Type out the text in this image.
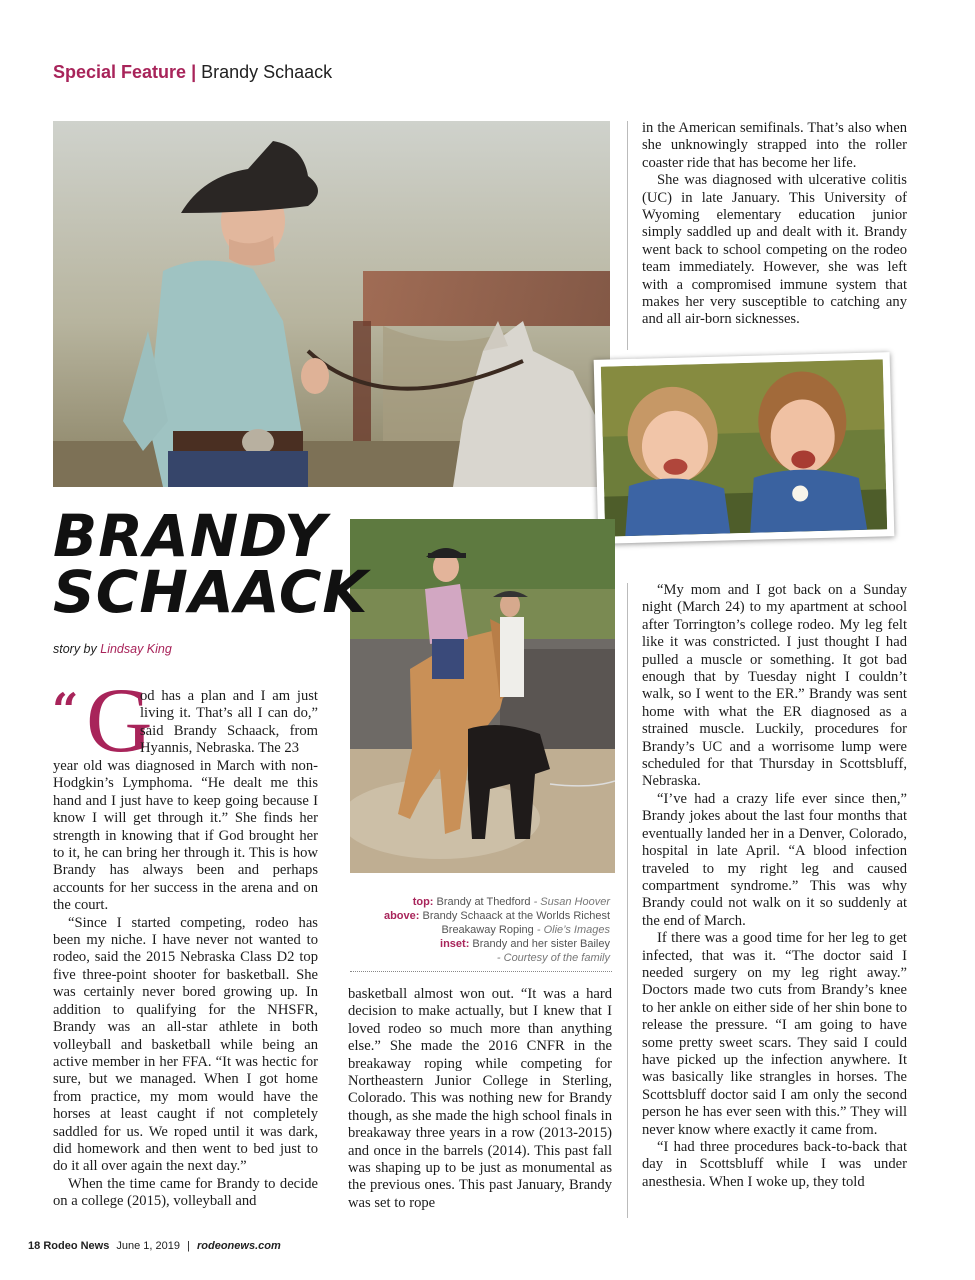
Special Feature | Brandy Schaack
BRANDY
SCHAACK
story by Lindsay King
“ G

od has a plan and I am just living it. That’s all I can do,” said Brandy Schaack, from Hyannis, Nebraska. The 23

year old was diagnosed in March with non-Hodgkin’s Lymphoma. “He dealt me this hand and I just have to keep going because I know I will get through it.” She finds her strength in knowing that if God brought her to it, he can bring her through it. This is how Brandy has always been and perhaps accounts for her success in the arena and on the court.

“Since I started competing, rodeo has been my niche. I have never not wanted to rodeo, said the 2015 Nebraska Class D2 top five three-point shooter for basketball. She was certainly never bored growing up. In addition to qualifying for the NHSFR, Brandy was an all-star athlete in both volleyball and basketball while being an active member in her FFA. “It was hectic for sure, but we managed. When I got home from practice, my mom would have the horses at least caught if not completely saddled for us. We roped until it was dark, did homework and then went to bed just to do it all over again the next day.”

When the time came for Brandy to decide on a college (2015), volleyball and

top: Brandy at Thedford - Susan Hoover
above: Brandy Schaack at the Worlds Richest Breakaway Roping - Olie’s Images
inset: Brandy and her sister Bailey
- Courtesy of the family

basketball almost won out. “It was a hard decision to make actually, but I knew that I loved rodeo so much more than anything else.” She made the 2016 CNFR in the breakaway roping while competing for Northeastern Junior College in Sterling, Colorado. This was nothing new for Brandy though, as she made the high school finals in breakaway three years in a row (2013-2015) and once in the barrels (2014). This past fall was shaping up to be just as monumental as the previous ones. This past January, Brandy was set to rope

in the American semifinals. That’s also when she unknowingly strapped into the roller coaster ride that has become her life.

She was diagnosed with ulcerative colitis (UC) in late January. This University of Wyoming elementary education junior simply saddled up and dealt with it. Brandy went back to school competing on the rodeo team immediately. However, she was left with a compromised immune system that makes her very susceptible to catching any and all air-born sicknesses.

“My mom and I got back on a Sunday night (March 24) to my apartment at school after Torrington’s college rodeo. My leg felt like it was constricted. I just thought I had pulled a muscle or something. It got bad enough that by Tuesday night I couldn’t walk, so I went to the ER.” Brandy was sent home with what the ER diagnosed as a strained muscle. Luckily, procedures for Brandy’s UC and a worrisome lump were scheduled for that Thursday in Scottsbluff, Nebraska.

“I’ve had a crazy life ever since then,” Brandy jokes about the last four months that eventually landed her in a Denver, Colorado, hospital in late April. “A blood infection traveled to my right leg and caused compartment syndrome.” This was why Brandy could not walk on it so suddenly at the end of March.

If there was a good time for her leg to get infected, that was it. “The doctor said I needed surgery on my leg right away.” Doctors made two cuts from Brandy’s knee to her ankle on either side of her shin bone to release the pressure. “I am going to have some pretty sweet scars. They said I could have picked up the infection anywhere. It was basically like strangles in horses. The Scottsbluff doctor said I am only the second person he has ever seen with this.” They will never know where exactly it came from.

“I had three procedures back-to-back that day in Scottsbluff while I was under anesthesia. When I woke up, they told

18 Rodeo News June 1, 2019 | rodeonews.com
